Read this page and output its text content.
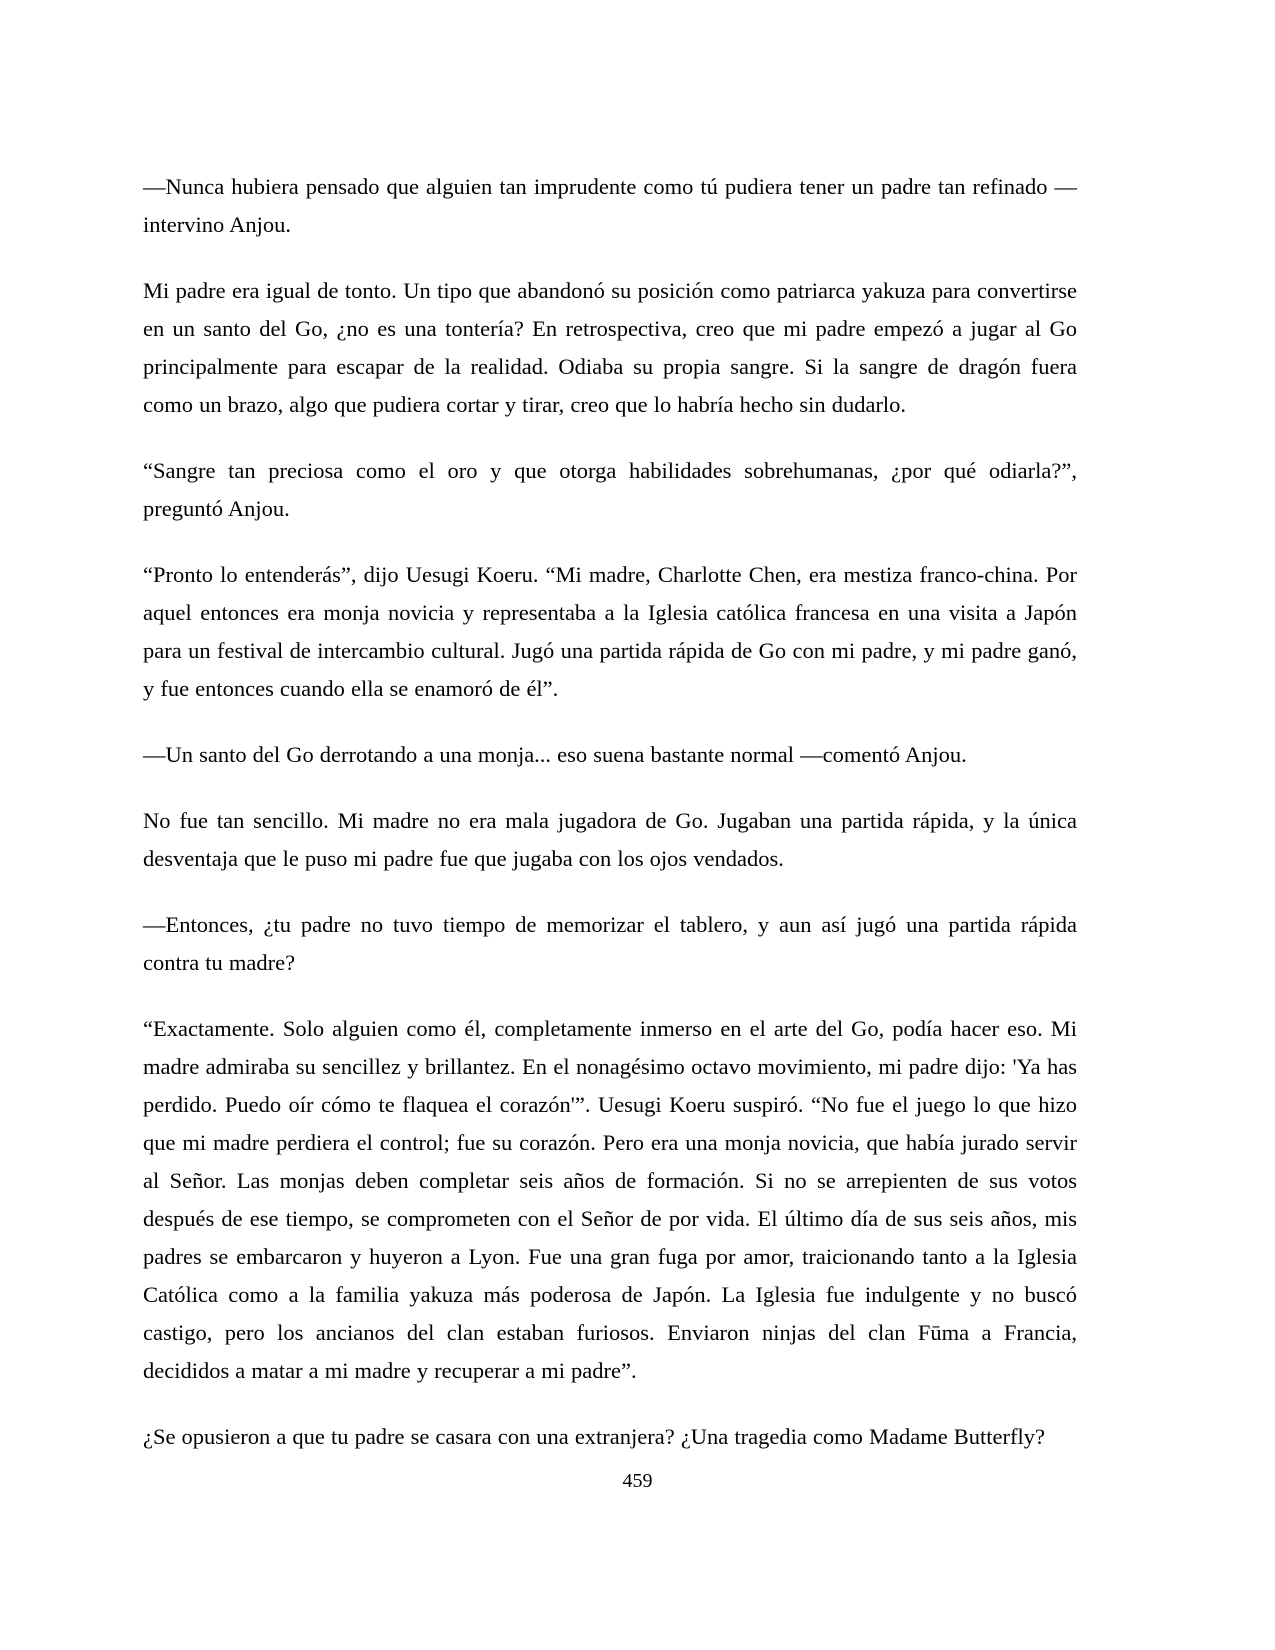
—Nunca hubiera pensado que alguien tan imprudente como tú pudiera tener un padre tan refinado —intervino Anjou.

Mi padre era igual de tonto. Un tipo que abandonó su posición como patriarca yakuza para convertirse en un santo del Go, ¿no es una tontería? En retrospectiva, creo que mi padre empezó a jugar al Go principalmente para escapar de la realidad. Odiaba su propia sangre. Si la sangre de dragón fuera como un brazo, algo que pudiera cortar y tirar, creo que lo habría hecho sin dudarlo.

“Sangre tan preciosa como el oro y que otorga habilidades sobrehumanas, ¿por qué odiarla?”, preguntó Anjou.

“Pronto lo entenderás”, dijo Uesugi Koeru. “Mi madre, Charlotte Chen, era mestiza franco-china. Por aquel entonces era monja novicia y representaba a la Iglesia católica francesa en una visita a Japón para un festival de intercambio cultural. Jugó una partida rápida de Go con mi padre, y mi padre ganó, y fue entonces cuando ella se enamoró de él”.

—Un santo del Go derrotando a una monja... eso suena bastante normal —comentó Anjou.

No fue tan sencillo. Mi madre no era mala jugadora de Go. Jugaban una partida rápida, y la única desventaja que le puso mi padre fue que jugaba con los ojos vendados.

—Entonces, ¿tu padre no tuvo tiempo de memorizar el tablero, y aun así jugó una partida rápida contra tu madre?

“Exactamente. Solo alguien como él, completamente inmerso en el arte del Go, podía hacer eso. Mi madre admiraba su sencillez y brillantez. En el nonagésimo octavo movimiento, mi padre dijo: 'Ya has perdido. Puedo oír cómo te flaquea el corazón'”. Uesugi Koeru suspiró. “No fue el juego lo que hizo que mi madre perdiera el control; fue su corazón. Pero era una monja novicia, que había jurado servir al Señor. Las monjas deben completar seis años de formación. Si no se arrepienten de sus votos después de ese tiempo, se comprometen con el Señor de por vida. El último día de sus seis años, mis padres se embarcaron y huyeron a Lyon. Fue una gran fuga por amor, traicionando tanto a la Iglesia Católica como a la familia yakuza más poderosa de Japón. La Iglesia fue indulgente y no buscó castigo, pero los ancianos del clan estaban furiosos. Enviaron ninjas del clan Fūma a Francia, decididos a matar a mi madre y recuperar a mi padre”.

¿Se opusieron a que tu padre se casara con una extranjera? ¿Una tragedia como Madame Butterfly?

459
